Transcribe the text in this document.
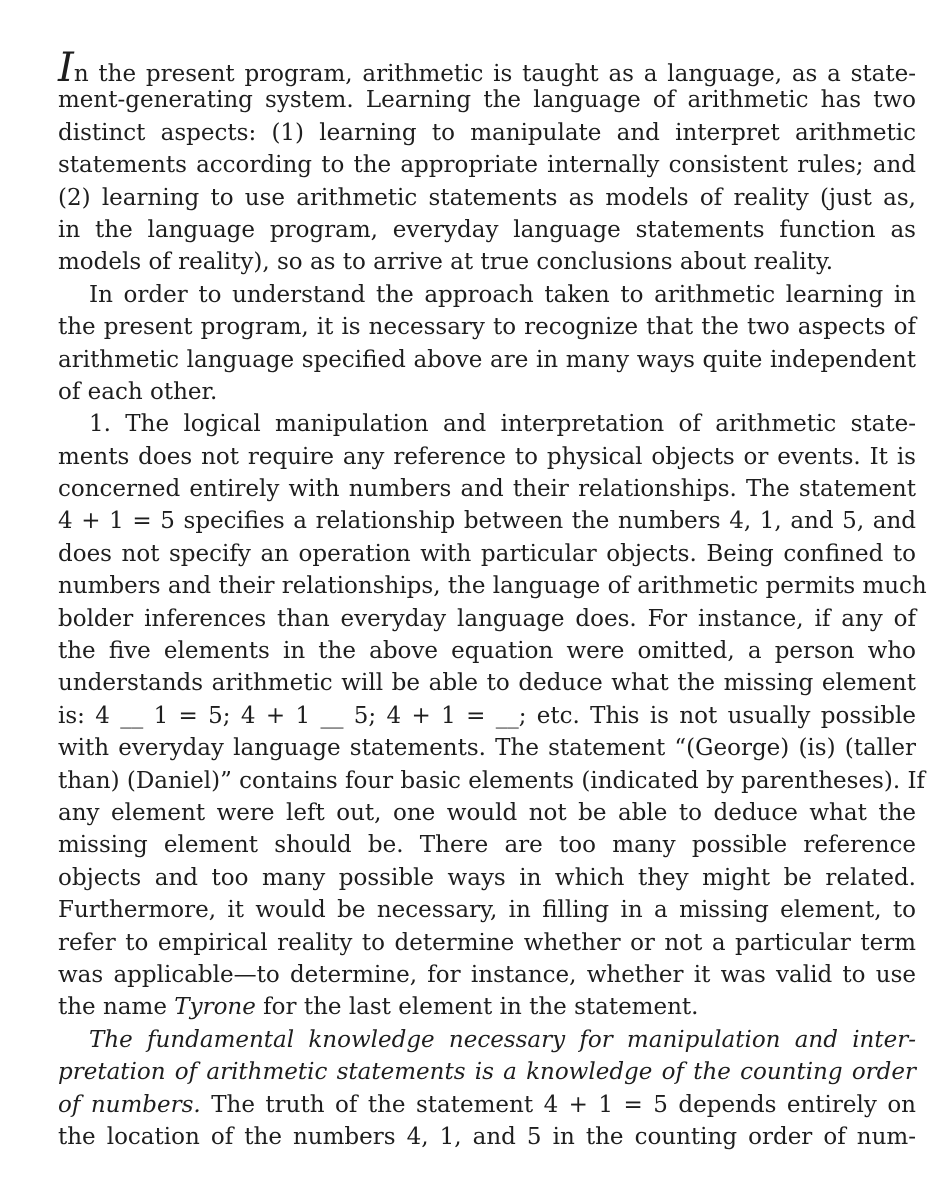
In the present program, arithmetic is taught as a language, as a state-
ment-generating system. Learning the language of arithmetic has two
distinct aspects: (1) learning to manipulate and interpret arithmetic
statements according to the appropriate internally consistent rules; and
(2) learning to use arithmetic statements as models of reality (just as,
in the language program, everyday language statements function as
models of reality), so as to arrive at true conclusions about reality.
In order to understand the approach taken to arithmetic learning in
the present program, it is necessary to recognize that the two aspects of
arithmetic language specified above are in many ways quite independent
of each other.
1. The logical manipulation and interpretation of arithmetic state-
ments does not require any reference to physical objects or events. It is
concerned entirely with numbers and their relationships. The statement
4 + 1 = 5 specifies a relationship between the numbers 4, 1, and 5, and
does not specify an operation with particular objects. Being confined to
numbers and their relationships, the language of arithmetic permits much
bolder inferences than everyday language does. For instance, if any of
the five elements in the above equation were omitted, a person who
understands arithmetic will be able to deduce what the missing element
is: 4 __ 1 = 5; 4 + 1 __ 5; 4 + 1 = __; etc. This is not usually possible
with everyday language statements. The statement “(George) (is) (taller
than) (Daniel)” contains four basic elements (indicated by parentheses). If
any element were left out, one would not be able to deduce what the
missing element should be. There are too many possible reference
objects and too many possible ways in which they might be related.
Furthermore, it would be necessary, in filling in a missing element, to
refer to empirical reality to determine whether or not a particular term
was applicable—to determine, for instance, whether it was valid to use
the name Tyrone for the last element in the statement.
The fundamental knowledge necessary for manipulation and inter-
pretation of arithmetic statements is a knowledge of the counting order
of numbers. The truth of the statement 4 + 1 = 5 depends entirely on
the location of the numbers 4, 1, and 5 in the counting order of num-
